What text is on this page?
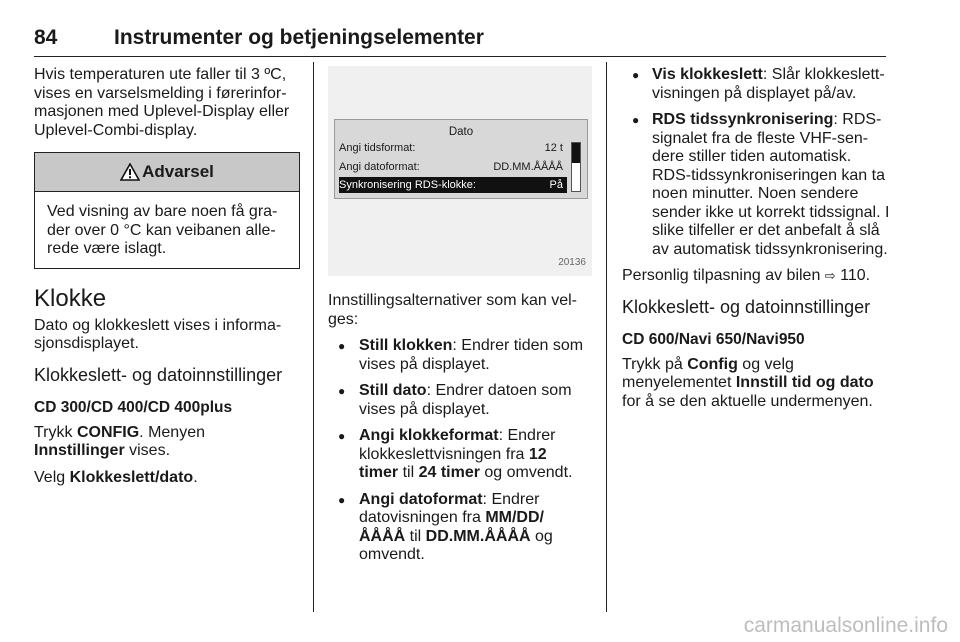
84	Instrumenter og betjeningselementer

Hvis temperaturen ute faller til 3 ºC, vises en varselsmelding i førerinformasjonen med Uplevel-Display eller Uplevel-Combi-display.

Advarsel
Ved visning av bare noen få grader over 0 °C kan veibanen allerede være islagt.
Klokke

Dato og klokkeslett vises i informasjonsdisplayet.

Klokkeslett- og datoinnstillinger
CD 300/CD 400/CD 400plus

Trykk CONFIG. Menyen Innstillinger vises.

Velg Klokkeslett/dato.

Dato
Angi tidsformat:	12 t
Angi datoformat:	DD.MM.ÅÅÅÅ
Synkronisering RDS-klokke:	På
20136

Innstillingsalternativer som kan velges:

● Still klokken: Endrer tiden som vises på displayet.
● Still dato: Endrer datoen som vises på displayet.
● Angi klokkeformat: Endrer klokkeslettvisningen fra 12 timer til 24 timer og omvendt.
● Angi datoformat: Endrer datovisningen fra MM/DD/ÅÅÅÅ til DD.MM.ÅÅÅÅ og omvendt.
● Vis klokkeslett: Slår klokkeslettvisningen på displayet på/av.
● RDS tidssynkronisering: RDS-signalet fra de fleste VHF-sendere stiller tiden automatisk. RDS-tidssynkroniseringen kan ta noen minutter. Noen sendere sender ikke ut korrekt tidssignal. I slike tilfeller er det anbefalt å slå av automatisk tidssynkronisering.

Personlig tilpasning av bilen ⇨ 110.

Klokkeslett- og datoinnstillinger
CD 600/Navi 650/Navi950

Trykk på Config og velg menyelementet Innstill tid og dato for å se den aktuelle undermenyen.

carmanualsonline.info
